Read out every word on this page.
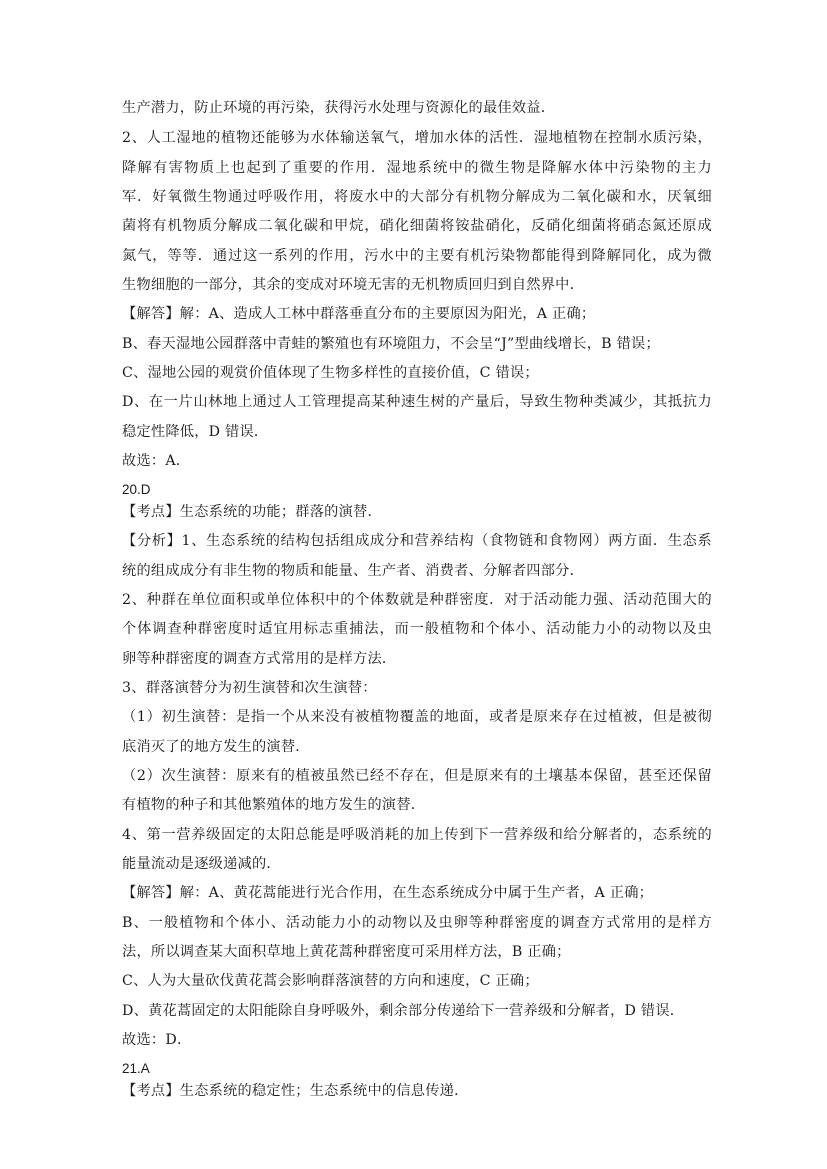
生产潜力，防止环境的再污染，获得污水处理与资源化的最佳效益．
2、人工湿地的植物还能够为水体输送氧气，增加水体的活性．湿地植物在控制水质污染，
降解有害物质上也起到了重要的作用．湿地系统中的微生物是降解水体中污染物的主力
军．好氧微生物通过呼吸作用，将废水中的大部分有机物分解成为二氧化碳和水，厌氧细
菌将有机物质分解成二氧化碳和甲烷，硝化细菌将铵盐硝化，反硝化细菌将硝态氮还原成
氮气，等等．通过这一系列的作用，污水中的主要有机污染物都能得到降解同化，成为微
生物细胞的一部分，其余的变成对环境无害的无机物质回归到自然界中．
【解答】解：A、造成人工林中群落垂直分布的主要原因为阳光，A 正确；
B、春天湿地公园群落中青蛙的繁殖也有环境阻力，不会呈“J”型曲线增长，B 错误；
C、湿地公园的观赏价值体现了生物多样性的直接价值，C 错误；
D、在一片山林地上通过人工管理提高某种速生树的产量后，导致生物种类减少，其抵抗力
稳定性降低，D 错误．
故选：A．
20.D
【考点】生态系统的功能；群落的演替．
【分析】1、生态系统的结构包括组成成分和营养结构（食物链和食物网）两方面．生态系
统的组成成分有非生物的物质和能量、生产者、消费者、分解者四部分．
2、种群在单位面积或单位体积中的个体数就是种群密度．对于活动能力强、活动范围大的
个体调查种群密度时适宜用标志重捕法，而一般植物和个体小、活动能力小的动物以及虫
卵等种群密度的调查方式常用的是样方法．
3、群落演替分为初生演替和次生演替：
（1）初生演替：是指一个从来没有被植物覆盖的地面，或者是原来存在过植被，但是被彻
底消灭了的地方发生的演替．
（2）次生演替：原来有的植被虽然已经不存在，但是原来有的土壤基本保留，甚至还保留
有植物的种子和其他繁殖体的地方发生的演替．
4、第一营养级固定的太阳总能是呼吸消耗的加上传到下一营养级和给分解者的，态系统的
能量流动是逐级递减的．
【解答】解：A、黄花蒿能进行光合作用，在生态系统成分中属于生产者，A 正确；
B、一般植物和个体小、活动能力小的动物以及虫卵等种群密度的调查方式常用的是样方
法，所以调查某大面积草地上黄花蒿种群密度可采用样方法，B 正确；
C、人为大量砍伐黄花蒿会影响群落演替的方向和速度，C 正确；
D、黄花蒿固定的太阳能除自身呼吸外，剩余部分传递给下一营养级和分解者，D 错误．
故选：D．
21.A
【考点】生态系统的稳定性；生态系统中的信息传递．
